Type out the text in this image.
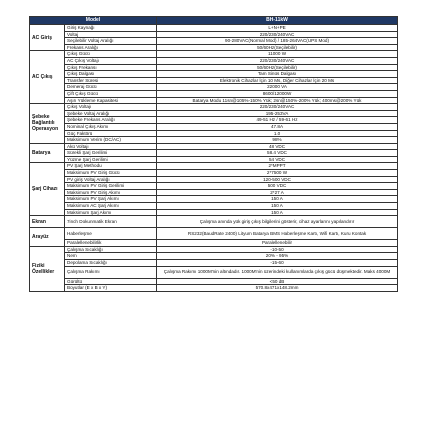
Model		BH-11kW
AC Giriş	Giriş Kaynağı	L+N+PE
	Voltaj	220/230/240VAC
	Seçilebilir Voltaj Aralığı	90-280VAC(Normal Mod) / 185-264VAC(UPS Mod)
	Frekans Aralığı	50/60Hz(Seçilebilir)
AC Çıkış	Çıkış Gücü	11000 W
	AC Çıkış Voltajı	220/230/240VAC
	Çıkış Frekansı	50/60Hz(Seçilebilir)
	Çıkış Dalgası	Tam Sinüs Dalgası
	Transfer Süresi	Elektronik Cihazlar İçin 10 Ms, Diğer Cihazlar İçin 20 Ms
	Demeraj Gücü	22000 VA
	Çift Çıkış Gücü	8600/12000W
	Aşırı Yükleme Kapasitesi	Batarya Modu 11sn@105%-150% Yük; 2sn@150%-200% Yük; 400ms@200% Yük
Şebeke Bağlantılı Operasyon	Çıkış Voltajı	220/230/240VAC
	Şebeke Voltaj Aralığı	195-253VA
	Şebeke Frekans Aralığı	49-51 Hz / 59-61 Hz
	Nominal Çıkış Akımı	47.8A
	Güç Faktörü	1.0
	Maksimum Verim (DC/AC)	98%
Batarya	Akü Voltajı	48 VDC
	Sürekli Şarj Gerilimi	58.4 VDC
	Yüzme Şarj Gerilimi	54 VDC
Şarj Cihazı	PV Şarj Methodu	2*MPPT
	Maksimum PV Giriş Gücü	2*7500 W
	PV giriş Voltaj Aralığı	120-500 VDC
	Maksimum PV Giriş Gerilimi	500 VDC
	Maksimum PV Giriş Akımı	2*27 A
	Maksimum PV Şarj Akımı	150 A
	Maksimum AC Şarj Akımı	150 A
	Maksimum Şarj Akımı	150 A
Ekran	7inch Dokunmatik Ekran	Çalışma anında yük giriş çıkış bilgilerini gösterir, cihaz ayarlarını yapılandırır
Arayüz	Haberleşme	RS232(BaudRate 2400) Lityum Batarya BMS Haberleşme Kartı, Wifi Kartı, Kuru Kontak
	Paralellenebilirlik	Paralellenebilir
Fiziki Özellikler	Çalışma Sıcaklığı	-10-50
	Nem	20% - 95%
	Depolama Sıcaklığı	-15-60
	Çalışma Rakımı	Çalışma Rakımı 1000M'nin altındadır. 1000M'nin üzerindeki kullanımlarda çıkış gücü düşmektedir. Maks 4000M
	Gürültü	<50 dB
	Boyutlar (E x B x Y)	570.8x471x148.2mm
